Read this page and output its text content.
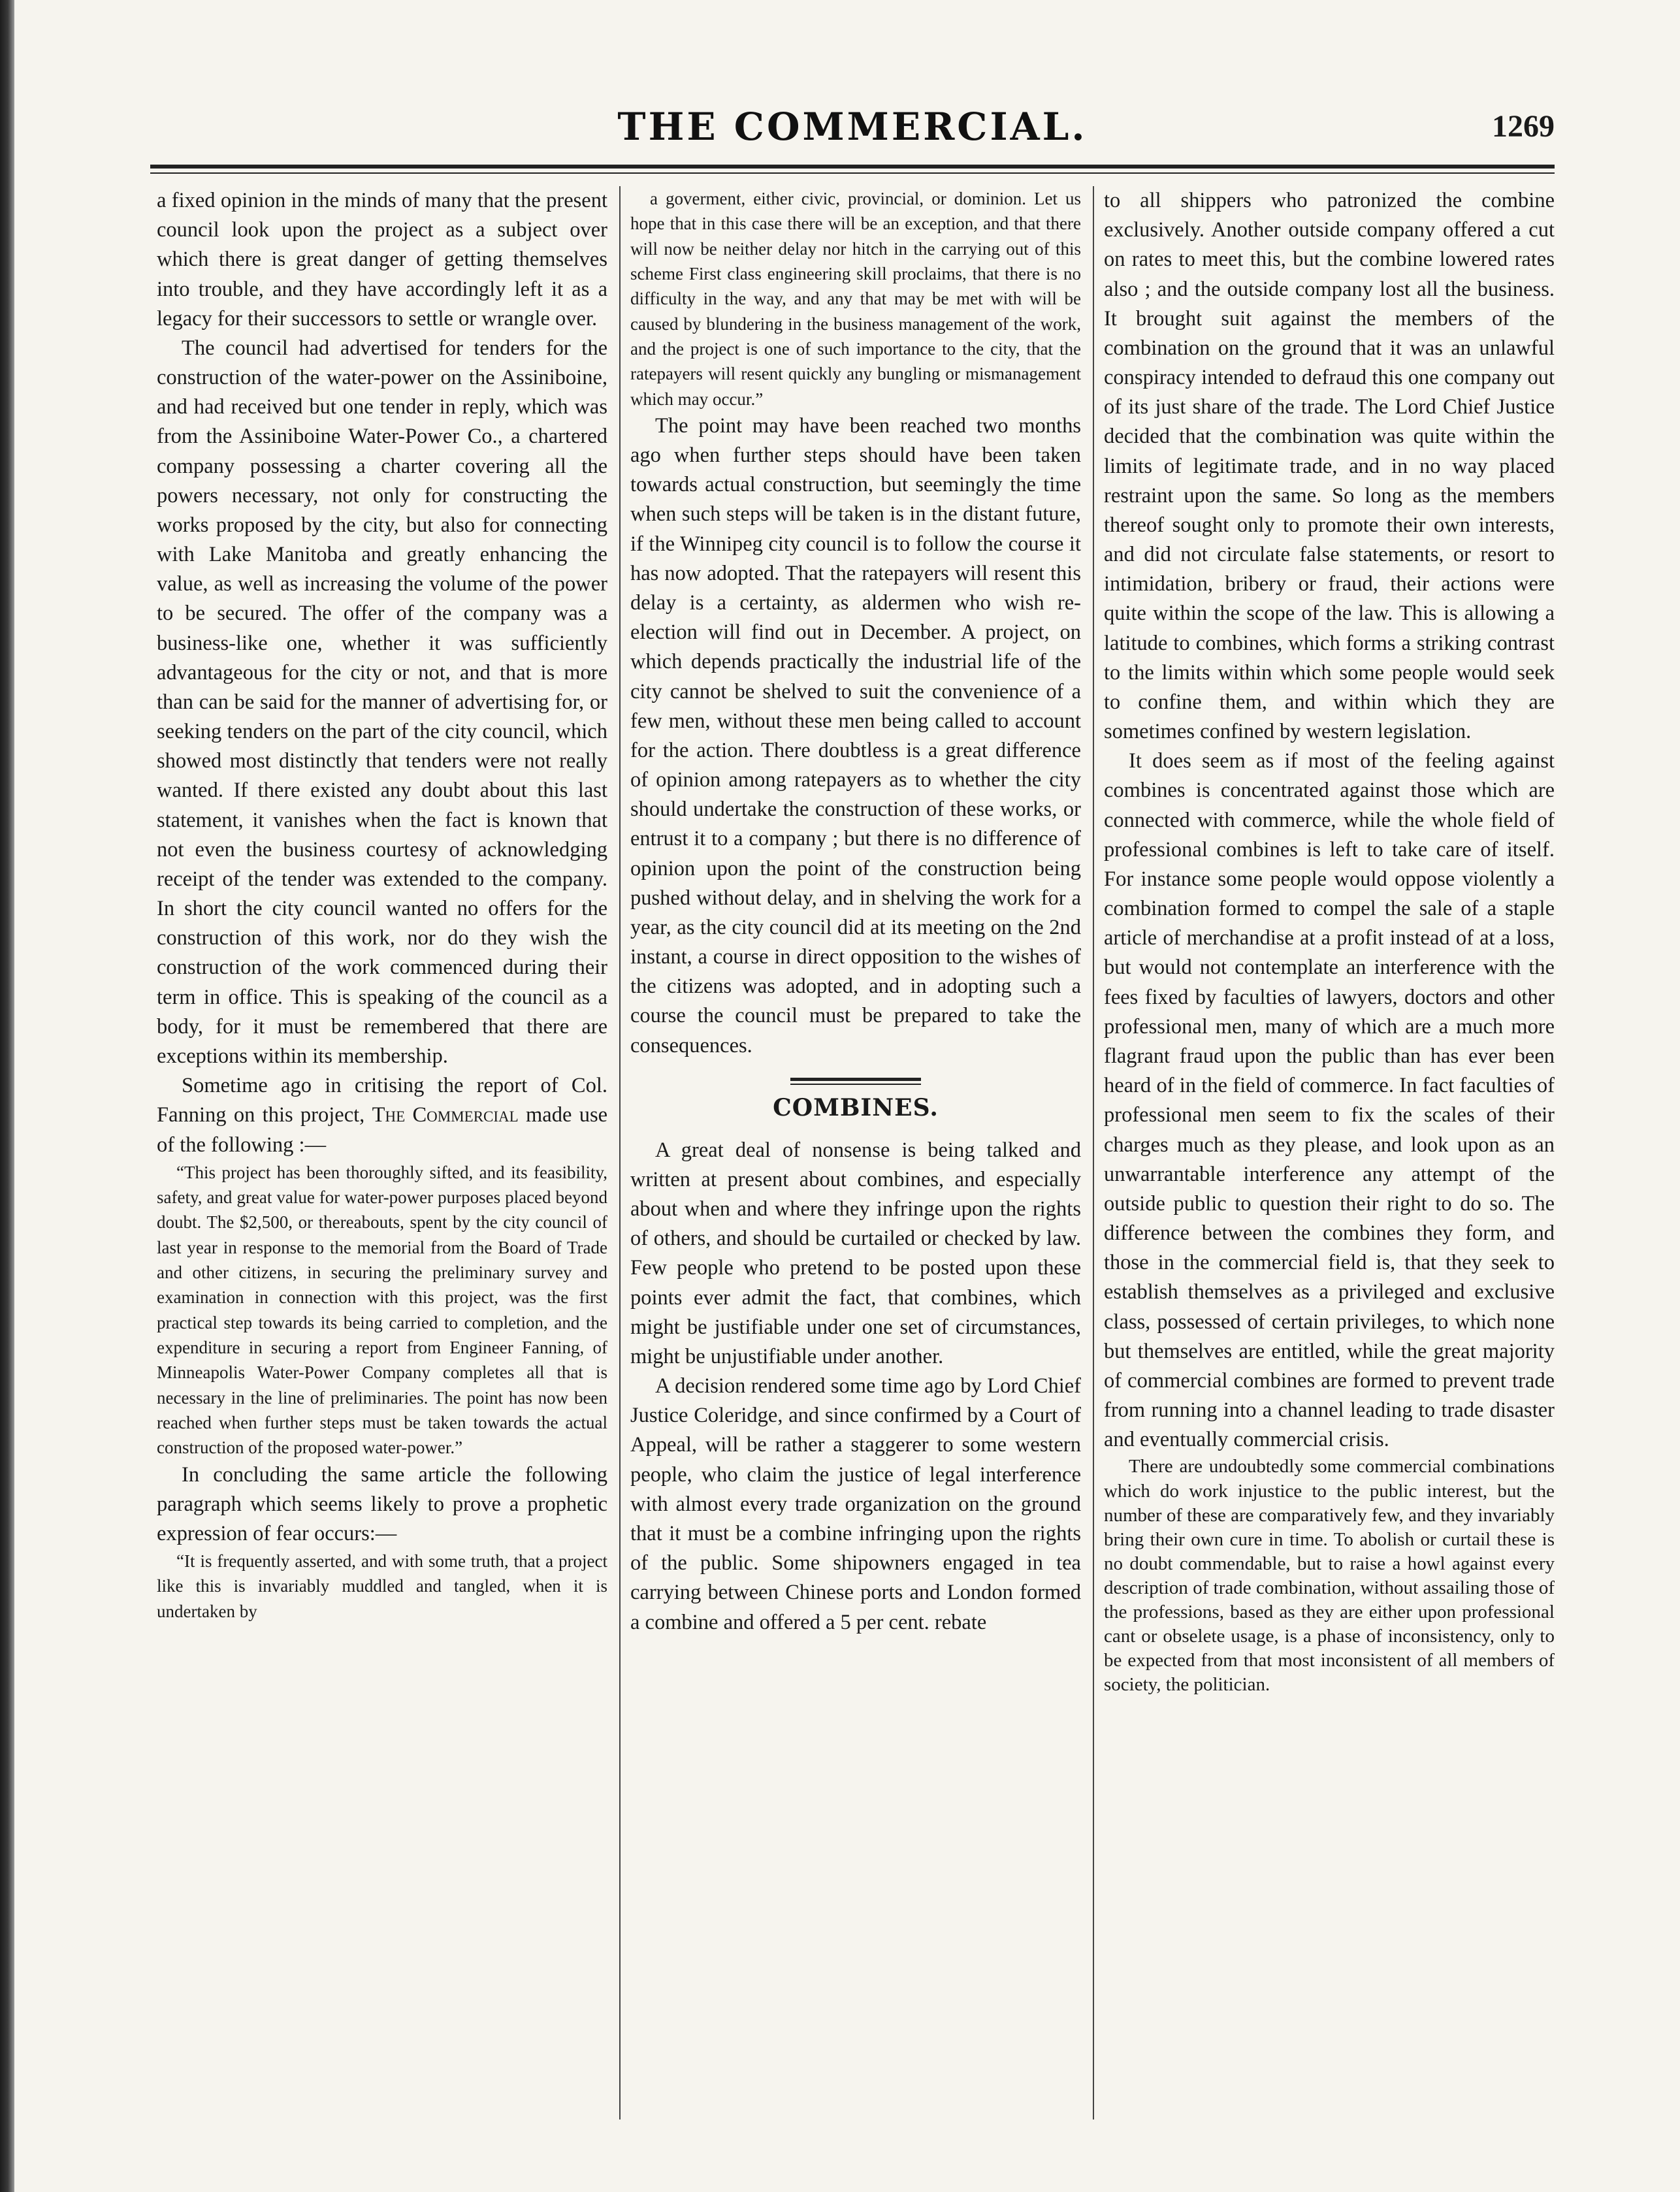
THE COMMERCIAL.	1269

a fixed opinion in the minds of many that the present council look upon the project as a subject over which there is great danger of getting themselves into trouble, and they have accordingly left it as a legacy for their successors to settle or wrangle over.

The council had advertised for tenders for the construction of the water-power on the Assiniboine, and had received but one tender in reply, which was from the Assiniboine Water-Power Co., a chartered company possessing a charter covering all the powers necessary, not only for constructing the works proposed by the city, but also for connecting with Lake Manitoba and greatly enhancing the value, as well as increasing the volume of the power to be secured. The offer of the company was a business-like one, whether it was sufficiently advantageous for the city or not, and that is more than can be said for the manner of advertising for, or seeking tenders on the part of the city council, which showed most distinctly that tenders were not really wanted. If there existed any doubt about this last statement, it vanishes when the fact is known that not even the business courtesy of acknowledging receipt of the tender was extended to the company. In short the city council wanted no offers for the construction of this work, nor do they wish the construction of the work commenced during their term in office. This is speaking of the council as a body, for it must be remembered that there are exceptions within its membership.

Sometime ago in critising the report of Col. Fanning on this project, The Commercial made use of the following :—

“This project has been thoroughly sifted, and its feasibility, safety, and great value for water-power purposes placed beyond doubt. The $2,500, or thereabouts, spent by the city council of last year in response to the memorial from the Board of Trade and other citizens, in securing the preliminary survey and examination in connection with this project, was the first practical step towards its being carried to completion, and the expenditure in securing a report from Engineer Fanning, of Minneapolis Water-Power Company completes all that is necessary in the line of preliminaries. The point has now been reached when further steps must be taken towards the actual construction of the proposed water-power.”

In concluding the same article the following paragraph which seems likely to prove a prophetic expression of fear occurs:—

“It is frequently asserted, and with some truth, that a project like this is invariably muddled and tangled, when it is undertaken by

a goverment, either civic, provincial, or dominion. Let us hope that in this case there will be an exception, and that there will now be neither delay nor hitch in the carrying out of this scheme First class engineering skill proclaims, that there is no difficulty in the way, and any that may be met with will be caused by blundering in the business management of the work, and the project is one of such importance to the city, that the ratepayers will resent quickly any bungling or mismanagement which may occur.”

The point may have been reached two months ago when further steps should have been taken towards actual construction, but seemingly the time when such steps will be taken is in the distant future, if the Winnipeg city council is to follow the course it has now adopted. That the ratepayers will resent this delay is a certainty, as aldermen who wish re-election will find out in December. A project, on which depends practically the industrial life of the city cannot be shelved to suit the convenience of a few men, without these men being called to account for the action. There doubtless is a great difference of opinion among ratepayers as to whether the city should undertake the construction of these works, or entrust it to a company ; but there is no difference of opinion upon the point of the construction being pushed without delay, and in shelving the work for a year, as the city council did at its meeting on the 2nd instant, a course in direct opposition to the wishes of the citizens was adopted, and in adopting such a course the council must be prepared to take the consequences.

COMBINES.

A great deal of nonsense is being talked and written at present about combines, and especially about when and where they infringe upon the rights of others, and should be curtailed or checked by law. Few people who pretend to be posted upon these points ever admit the fact, that combines, which might be justifiable under one set of circumstances, might be unjustifiable under another.

A decision rendered some time ago by Lord Chief Justice Coleridge, and since confirmed by a Court of Appeal, will be rather a staggerer to some western people, who claim the justice of legal interference with almost every trade organization on the ground that it must be a combine infringing upon the rights of the public. Some shipowners engaged in tea carrying between Chinese ports and London formed a combine and offered a 5 per cent. rebate

to all shippers who patronized the combine exclusively. Another outside company offered a cut on rates to meet this, but the combine lowered rates also ; and the outside company lost all the business. It brought suit against the members of the combination on the ground that it was an unlawful conspiracy intended to defraud this one company out of its just share of the trade. The Lord Chief Justice decided that the combination was quite within the limits of legitimate trade, and in no way placed restraint upon the same. So long as the members thereof sought only to promote their own interests, and did not circulate false statements, or resort to intimidation, bribery or fraud, their actions were quite within the scope of the law. This is allowing a latitude to combines, which forms a striking contrast to the limits within which some people would seek to confine them, and within which they are sometimes confined by western legislation.

It does seem as if most of the feeling against combines is concentrated against those which are connected with commerce, while the whole field of professional combines is left to take care of itself. For instance some people would oppose violently a combination formed to compel the sale of a staple article of merchandise at a profit instead of at a loss, but would not contemplate an interference with the fees fixed by faculties of lawyers, doctors and other professional men, many of which are a much more flagrant fraud upon the public than has ever been heard of in the field of commerce. In fact faculties of professional men seem to fix the scales of their charges much as they please, and look upon as an unwarrantable interference any attempt of the outside public to question their right to do so. The difference between the combines they form, and those in the commercial field is, that they seek to establish themselves as a privileged and exclusive class, possessed of certain privileges, to which none but themselves are entitled, while the great majority of commercial combines are formed to prevent trade from running into a channel leading to trade disaster and eventually commercial crisis.

There are undoubtedly some commercial combinations which do work injustice to the public interest, but the number of these are comparatively few, and they invariably bring their own cure in time. To abolish or curtail these is no doubt commendable, but to raise a howl against every description of trade combination, without assailing those of the professions, based as they are either upon professional cant or obselete usage, is a phase of inconsistency, only to be expected from that most inconsistent of all members of society, the politician.
